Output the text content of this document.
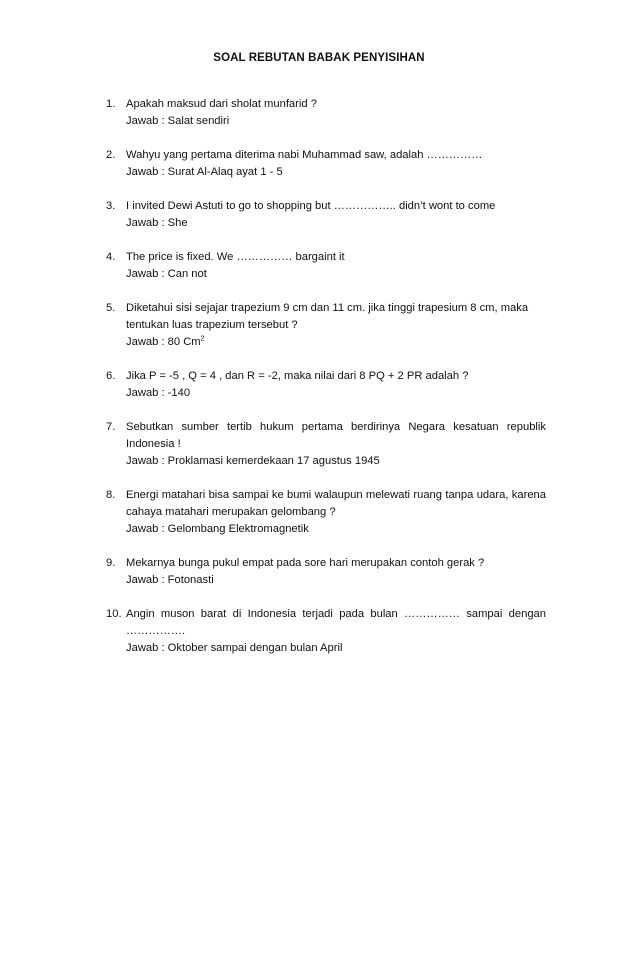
SOAL REBUTAN BABAK PENYISIHAN
1. Apakah maksud dari sholat munfarid ?
Jawab : Salat sendiri
2. Wahyu yang pertama diterima nabi Muhammad saw, adalah ……………
Jawab : Surat Al-Alaq ayat 1 - 5
3. I invited Dewi Astuti to go to shopping but …………….. didn’t wont to come
Jawab : She
4. The price is fixed. We …………… bargaint it
Jawab : Can not
5. Diketahui sisi sejajar trapezium 9 cm dan 11 cm. jika tinggi trapesium 8 cm, maka tentukan luas trapezium tersebut ?
Jawab : 80 Cm$^2$
6. Jika P = -5 , Q = 4 , dan R = -2, maka nilai dari 8 PQ + 2 PR adalah ?
Jawab : -140
7. Sebutkan sumber tertib hukum pertama berdirinya Negara kesatuan republik Indonesia !
Jawab : Proklamasi kemerdekaan 17 agustus 1945
8. Energi matahari bisa sampai ke bumi walaupun melewati ruang tanpa udara, karena cahaya matahari merupakan gelombang ?
Jawab : Gelombang Elektromagnetik
9. Mekarnya bunga pukul empat pada sore hari merupakan contoh gerak ?
Jawab : Fotonasti
10. Angin muson barat di Indonesia terjadi pada bulan …………… sampai dengan …………….
Jawab : Oktober sampai dengan bulan April
